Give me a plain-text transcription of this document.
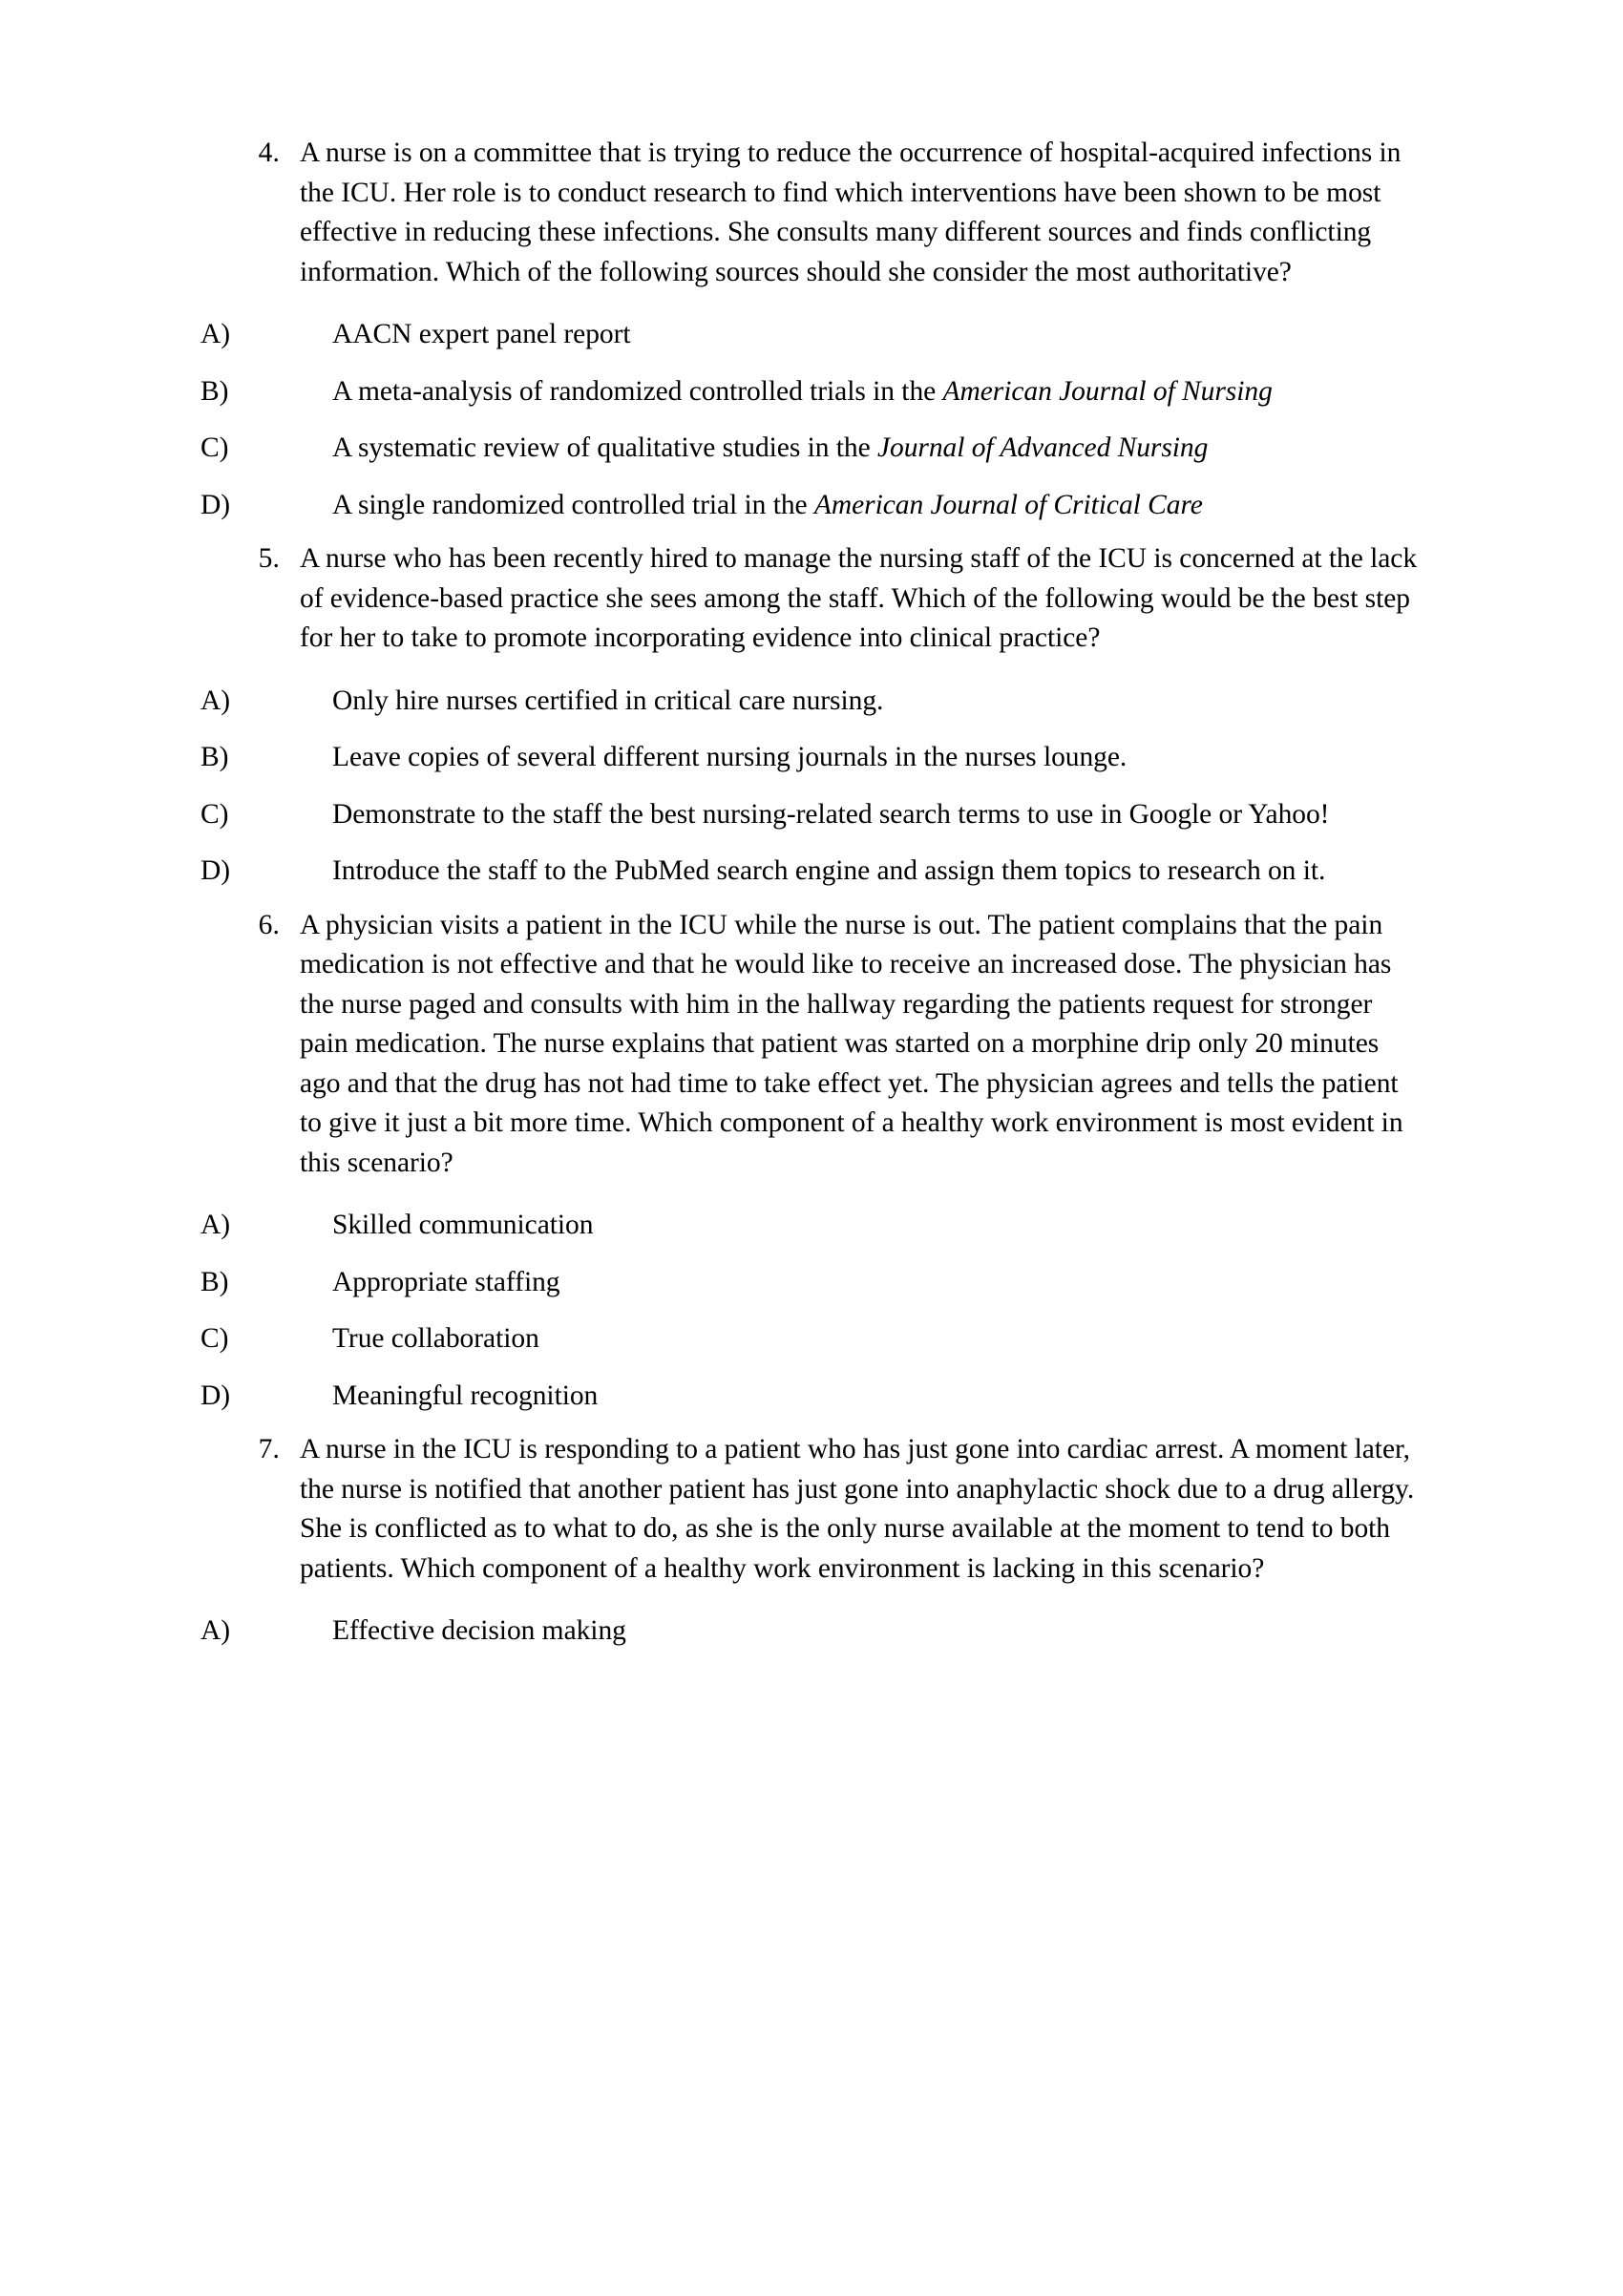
4. A nurse is on a committee that is trying to reduce the occurrence of hospital-acquired infections in the ICU. Her role is to conduct research to find which interventions have been shown to be most effective in reducing these infections. She consults many different sources and finds conflicting information. Which of the following sources should she consider the most authoritative?
A)	AACN expert panel report
B)	A meta-analysis of randomized controlled trials in the American Journal of Nursing
C)	A systematic review of qualitative studies in the Journal of Advanced Nursing
D)	A single randomized controlled trial in the American Journal of Critical Care
5. A nurse who has been recently hired to manage the nursing staff of the ICU is concerned at the lack of evidence-based practice she sees among the staff. Which of the following would be the best step for her to take to promote incorporating evidence into clinical practice?
A)	Only hire nurses certified in critical care nursing.
B)	Leave copies of several different nursing journals in the nurses lounge.
C)	Demonstrate to the staff the best nursing-related search terms to use in Google or Yahoo!
D)	Introduce the staff to the PubMed search engine and assign them topics to research on it.
6. A physician visits a patient in the ICU while the nurse is out. The patient complains that the pain medication is not effective and that he would like to receive an increased dose. The physician has the nurse paged and consults with him in the hallway regarding the patients request for stronger pain medication. The nurse explains that patient was started on a morphine drip only 20 minutes ago and that the drug has not had time to take effect yet. The physician agrees and tells the patient to give it just a bit more time. Which component of a healthy work environment is most evident in this scenario?
A)	Skilled communication
B)	Appropriate staffing
C)	True collaboration
D)	Meaningful recognition
7. A nurse in the ICU is responding to a patient who has just gone into cardiac arrest. A moment later, the nurse is notified that another patient has just gone into anaphylactic shock due to a drug allergy. She is conflicted as to what to do, as she is the only nurse available at the moment to tend to both patients. Which component of a healthy work environment is lacking in this scenario?
A)	Effective decision making
